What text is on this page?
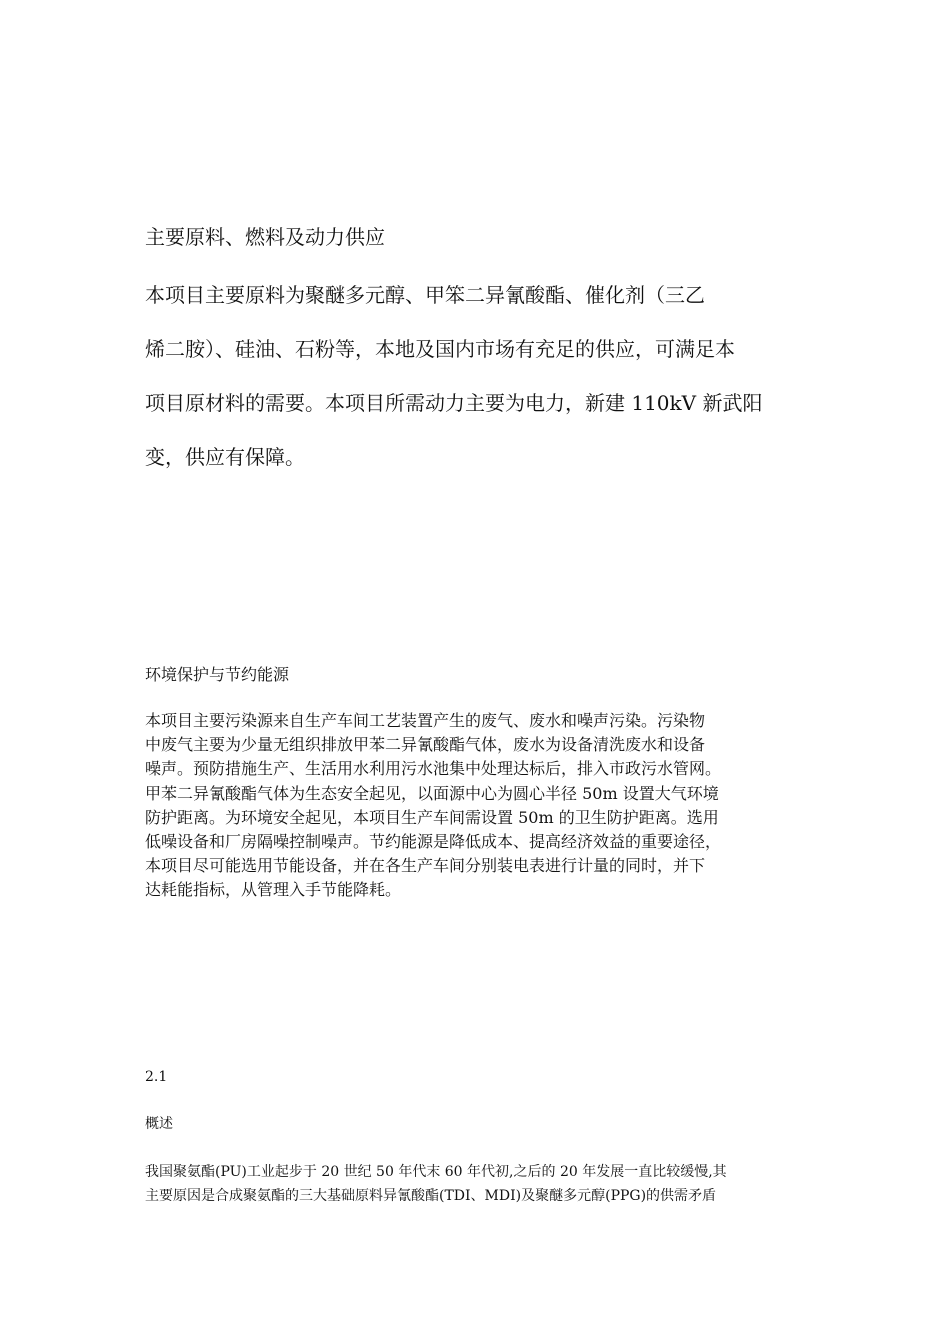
主要原料、燃料及动力供应

本项目主要原料为聚醚多元醇、甲笨二异氰酸酯、催化剂（三乙
烯二胺）、硅油、石粉等，本地及国内市场有充足的供应，可满足本
项目原材料的需要。本项目所需动力主要为电力，新建 110kV 新武阳
变，供应有保障。

环境保护与节约能源

本项目主要污染源来自生产车间工艺装置产生的废气、废水和噪声污染。污染物
中废气主要为少量无组织排放甲苯二异氰酸酯气体，废水为设备清洗废水和设备
噪声。预防措施生产、生活用水利用污水池集中处理达标后，排入市政污水管网。
甲苯二异氰酸酯气体为生态安全起见，以面源中心为圆心半径 50m 设置大气环境
防护距离。为环境安全起见，本项目生产车间需设置 50m 的卫生防护距离。选用
低噪设备和厂房隔噪控制噪声。节约能源是降低成本、提高经济效益的重要途径，
本项目尽可能选用节能设备，并在各生产车间分别装电表进行计量的同时，并下
达耗能指标，从管理入手节能降耗。

2.1

概述

我国聚氨酯(PU)工业起步于 20 世纪 50 年代末 60 年代初,之后的 20 年发展一直比较缓慢,其
主要原因是合成聚氨酯的三大基础原料异氰酸酯(TDI、MDI)及聚醚多元醇(PPG)的供需矛盾
